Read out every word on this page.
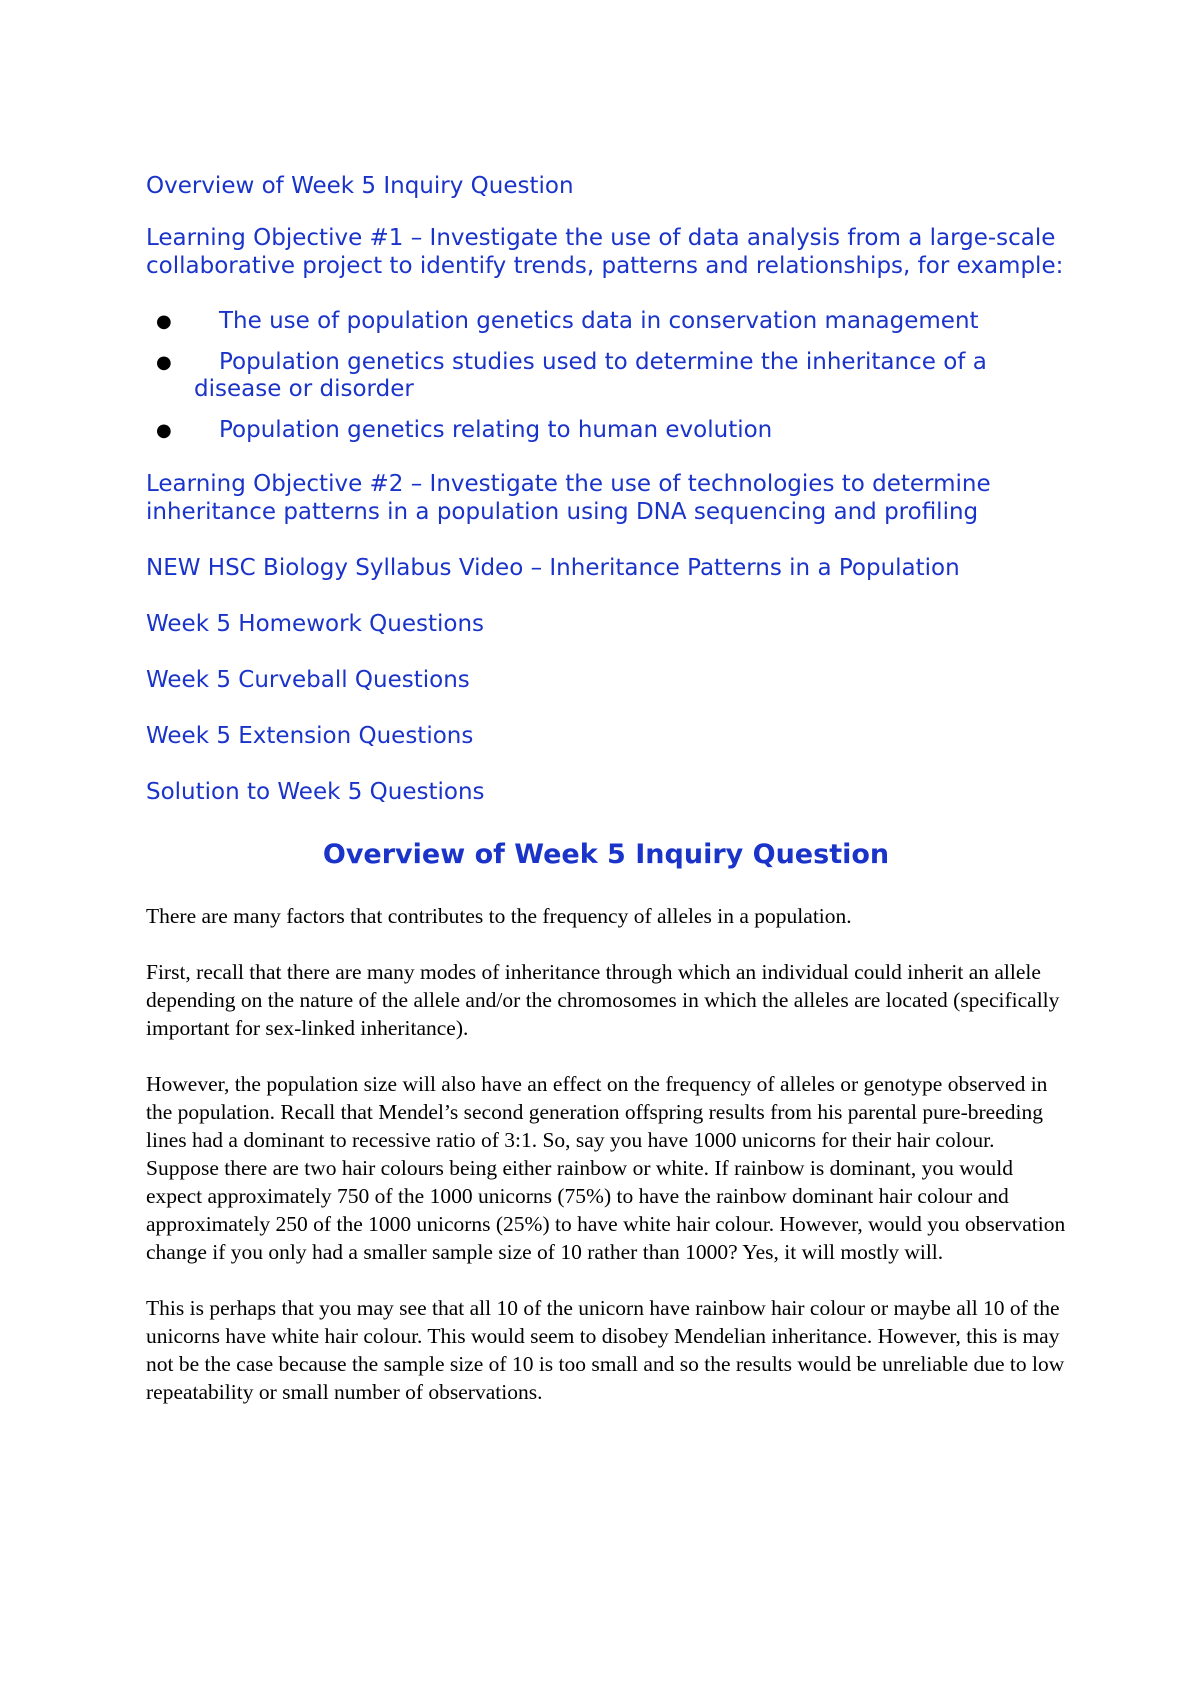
Overview of Week 5 Inquiry Question
Learning Objective #1 – Investigate the use of data analysis from a large-scale collaborative project to identify trends, patterns and relationships, for example:
● The use of population genetics data in conservation management
● Population genetics studies used to determine the inheritance of a disease or disorder
● Population genetics relating to human evolution
Learning Objective #2 – Investigate the use of technologies to determine inheritance patterns in a population using DNA sequencing and profiling
NEW HSC Biology Syllabus Video – Inheritance Patterns in a Population
Week 5 Homework Questions
Week 5 Curveball Questions
Week 5 Extension Questions
Solution to Week 5 Questions
Overview of Week 5 Inquiry Question

There are many factors that contributes to the frequency of alleles in a population.

First, recall that there are many modes of inheritance through which an individual could inherit an allele depending on the nature of the allele and/or the chromosomes in which the alleles are located (specifically important for sex-linked inheritance).

However, the population size will also have an effect on the frequency of alleles or genotype observed in the population. Recall that Mendel’s second generation offspring results from his parental pure-breeding lines had a dominant to recessive ratio of 3:1. So, say you have 1000 unicorns for their hair colour. Suppose there are two hair colours being either rainbow or white. If rainbow is dominant, you would expect approximately 750 of the 1000 unicorns (75%) to have the rainbow dominant hair colour and approximately 250 of the 1000 unicorns (25%) to have white hair colour. However, would you observation change if you only had a smaller sample size of 10 rather than 1000? Yes, it will mostly will.

This is perhaps that you may see that all 10 of the unicorn have rainbow hair colour or maybe all 10 of the unicorns have white hair colour. This would seem to disobey Mendelian inheritance. However, this is may not be the case because the sample size of 10 is too small and so the results would be unreliable due to low repeatability or small number of observations.
